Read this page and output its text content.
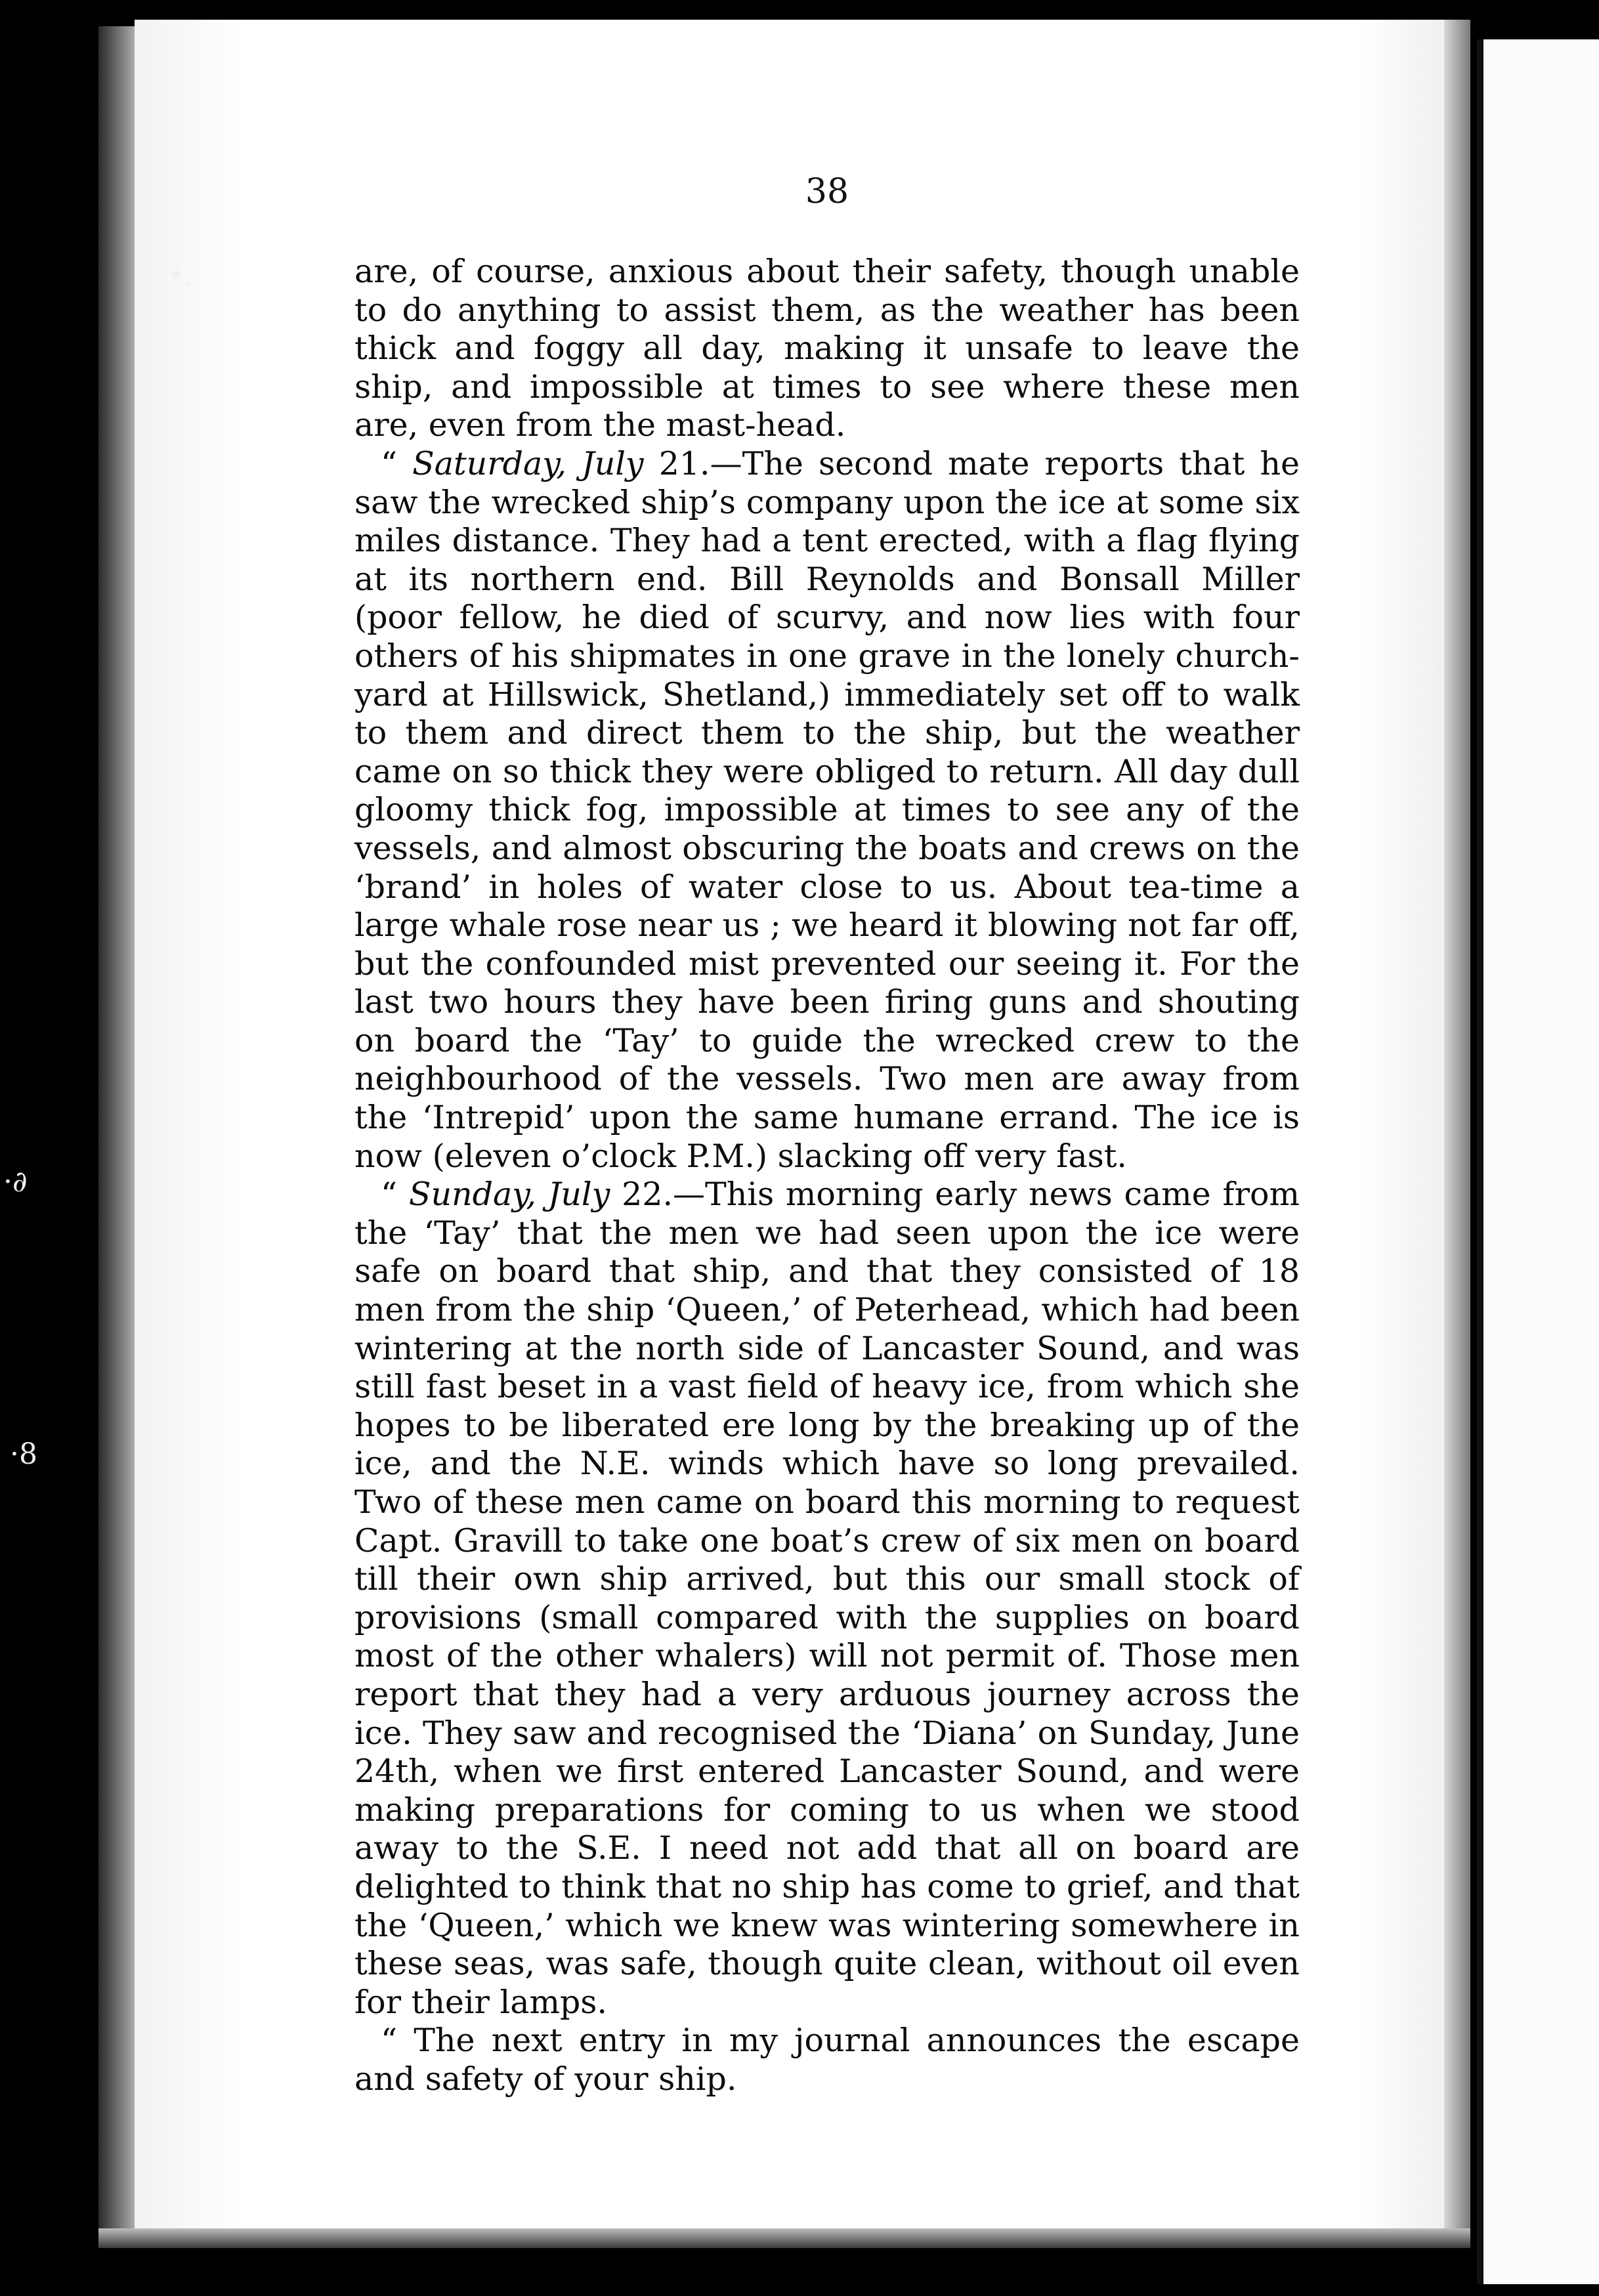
•.
·∂
·8
38

are, of course, anxious about their safety, though unable to do anything to assist them, as the weather has been thick and foggy all day, making it unsafe to leave the ship, and impossible at times to see where these men are, even from the mast-head.

“ Saturday, July 21.—The second mate reports that he saw the wrecked ship’s company upon the ice at some six miles distance. They had a tent erected, with a flag flying at its northern end. Bill Reynolds and Bonsall Miller (poor fellow, he died of scurvy, and now lies with four others of his shipmates in one grave in the lonely church-yard at Hillswick, Shetland,) immediately set off to walk to them and direct them to the ship, but the weather came on so thick they were obliged to return. All day dull gloomy thick fog, impossible at times to see any of the vessels, and almost obscuring the boats and crews on the ‘brand’ in holes of water close to us. About tea-time a large whale rose near us ; we heard it blowing not far off, but the confounded mist prevented our seeing it. For the last two hours they have been firing guns and shouting on board the ‘Tay’ to guide the wrecked crew to the neighbourhood of the vessels. Two men are away from the ‘Intrepid’ upon the same humane errand. The ice is now (eleven o’clock P.M.) slacking off very fast.

“ Sunday, July 22.—This morning early news came from the ‘Tay’ that the men we had seen upon the ice were safe on board that ship, and that they consisted of 18 men from the ship ‘Queen,’ of Peterhead, which had been wintering at the north side of Lancaster Sound, and was still fast beset in a vast field of heavy ice, from which she hopes to be liberated ere long by the breaking up of the ice, and the N.E. winds which have so long prevailed. Two of these men came on board this morning to request Capt. Gravill to take one boat’s crew of six men on board till their own ship arrived, but this our small stock of provisions (small compared with the supplies on board most of the other whalers) will not permit of. Those men report that they had a very arduous journey across the ice. They saw and recognised the ‘Diana’ on Sunday, June 24th, when we first entered Lancaster Sound, and were making preparations for coming to us when we stood away to the S.E. I need not add that all on board are delighted to think that no ship has come to grief, and that the ‘Queen,’ which we knew was wintering somewhere in these seas, was safe, though quite clean, without oil even for their lamps.

“ The next entry in my journal announces the escape and safety of your ship.
